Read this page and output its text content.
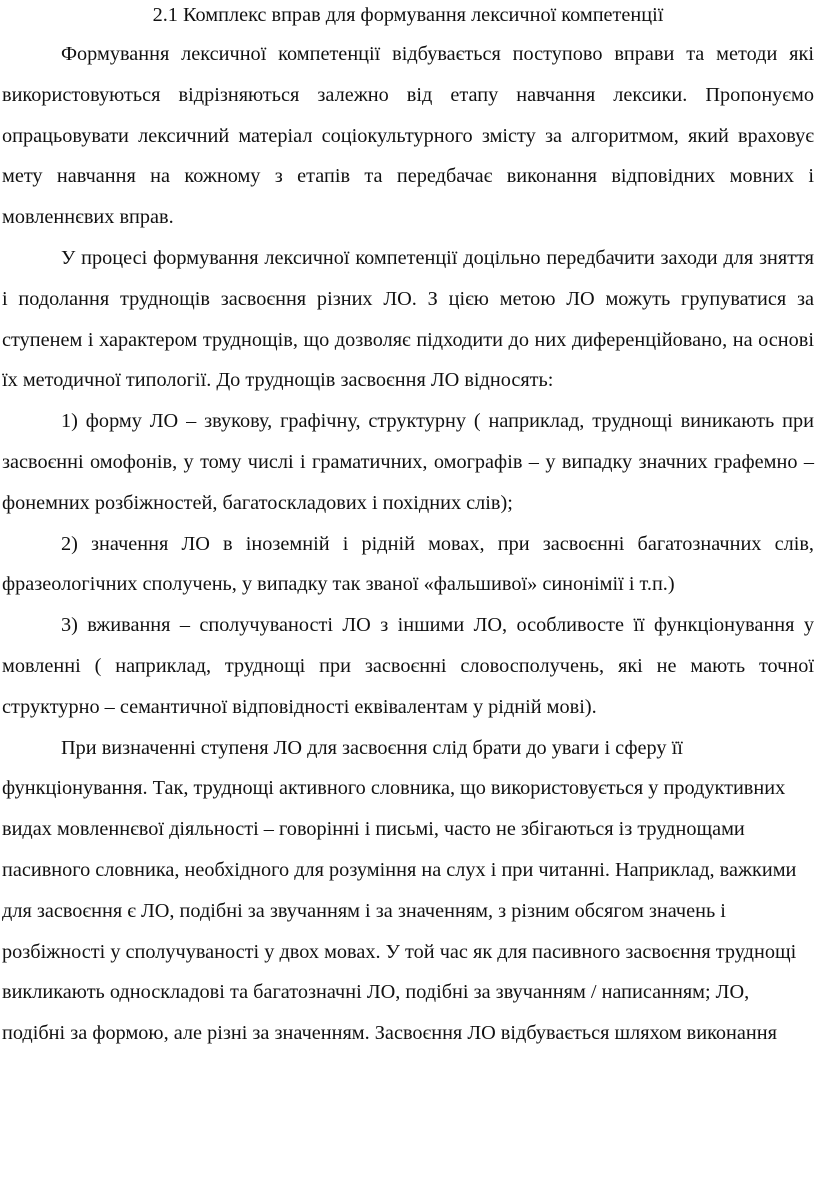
2.1 Комплекс вправ для формування лексичної компетенції

Формування лексичної компетенції відбувається поступово вправи та методи які використовуються відрізняються залежно від етапу навчання лексики. Пропонуємо опрацьовувати лексичний матеріал соціокультурного змісту за алгоритмом, який враховує мету навчання на кожному з етапів та передбачає виконання відповідних мовних і мовленнєвих вправ.

У процесі формування лексичної компетенції доцільно передбачити заходи для зняття і подолання труднощів засвоєння різних ЛО. З цією метою ЛО можуть групуватися за ступенем і характером труднощів, що дозволяє підходити до них диференційовано, на основі їх методичної типології. До труднощів засвоєння ЛО відносять:

1) форму ЛО – звукову, графічну, структурну ( наприклад, труднощі виникають при засвоєнні омофонів, у тому числі і граматичних, омографів – у випадку значних графемно – фонемних розбіжностей, багатоскладових і похідних слів);

2) значення ЛО в іноземній і рідній мовах, при засвоєнні багатозначних слів, фразеологічних сполучень, у випадку так званої «фальшивої» синонімії і т.п.)

3) вживання – сполучуваності ЛО з іншими ЛО, особливосте її функціонування у мовленні ( наприклад, труднощі при засвоєнні словосполучень, які не мають точної структурно – семантичної відповідності еквівалентам у рідній мові).

При визначенні ступеня ЛО для засвоєння слід брати до уваги і сферу її функціонування. Так, труднощі активного словника, що використовується у продуктивних видах мовленнєвої діяльності – говорінні і письмі, часто не збігаються із труднощами пасивного словника, необхідного для розуміння на слух і при читанні. Наприклад, важкими для засвоєння є ЛО, подібні за звучанням і за значенням, з різним обсягом значень і розбіжності у сполучуваності у двох мовах. У той час як для пасивного засвоєння труднощі викликають односкладові та багатозначні ЛО, подібні за звучанням / написанням; ЛО, подібні за формою, але різні за значенням. Засвоєння ЛО відбувається шляхом виконання
